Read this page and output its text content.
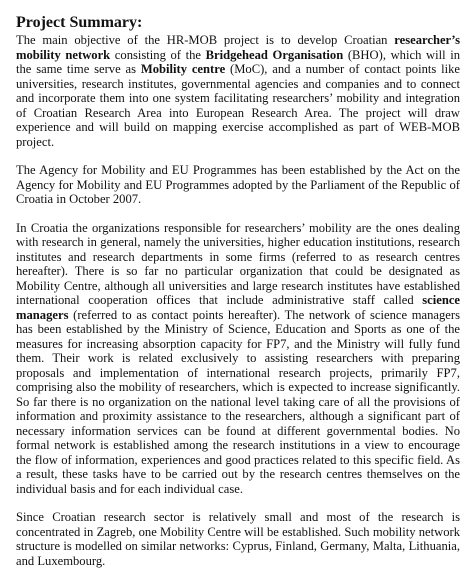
Project Summary:

The main objective of the HR-MOB project is to develop Croatian researcher’s mobility network consisting of the Bridgehead Organisation (BHO), which will in the same time serve as Mobility centre (MoC), and a number of contact points like universities, research institutes, governmental agencies and companies and to connect and incorporate them into one system facilitating researchers’ mobility and integration of Croatian Research Area into European Research Area. The project will draw experience and will build on mapping exercise accomplished as part of WEB-MOB project.

The Agency for Mobility and EU Programmes has been established by the Act on the Agency for Mobility and EU Programmes adopted by the Parliament of the Republic of Croatia in October 2007.

In Croatia the organizations responsible for researchers’ mobility are the ones dealing with research in general, namely the universities, higher education institutions, research institutes and research departments in some firms (referred to as research centres hereafter). There is so far no particular organization that could be designated as Mobility Centre, although all universities and large research institutes have established international cooperation offices that include administrative staff called science managers (referred to as contact points hereafter). The network of science managers has been established by the Ministry of Science, Education and Sports as one of the measures for increasing absorption capacity for FP7, and the Ministry will fully fund them. Their work is related exclusively to assisting researchers with preparing proposals and implementation of international research projects, primarily FP7, comprising also the mobility of researchers, which is expected to increase significantly. So far there is no organization on the national level taking care of all the provisions of information and proximity assistance to the researchers, although a significant part of necessary information services can be found at different governmental bodies. No formal network is established among the research institutions in a view to encourage the flow of information, experiences and good practices related to this specific field. As a result, these tasks have to be carried out by the research centres themselves on the individual basis and for each individual case.

Since Croatian research sector is relatively small and most of the research is concentrated in Zagreb, one Mobility Centre will be established. Such mobility network structure is modelled on similar networks: Cyprus, Finland, Germany, Malta, Lithuania, and Luxembourg.
